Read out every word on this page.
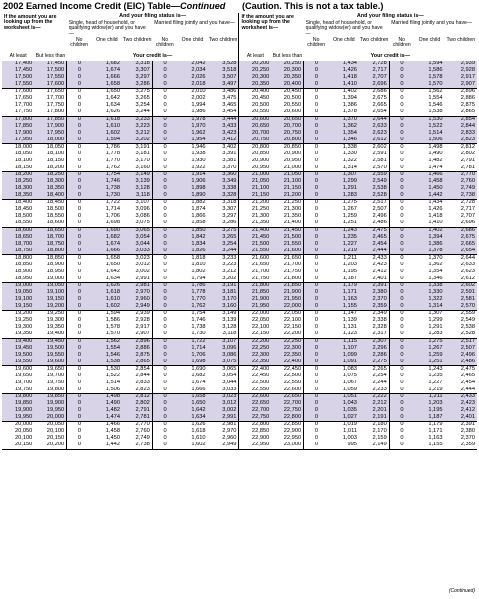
2002 Earned Income Credit (EIC) Table—Continued (Caution. This is not a tax table.)
If the amount you are looking up from the worksheet is—		And your filing status is—						If the amount you are looking up from the worksheet is—		And your filing status is—					
		Single, head of household, or qualifying widow(er) and you have—			Married filing jointly and you have—					Single, head of household, or qualifying widow(er) and you have—			Married filing jointly and you have—		
		No children	One child	Two children	No children	One child	Two children			No children	One child	Two children	No children	One child	Two children
At least	But less than	Your credit is—						At least	But less than	Your credit is—					
17,400	17,450	0	1,682	3,318	0	2,042	3,528	20,200	20,250	0	1,434	2,728	0	1,594	2,939
17,450	17,500	0	1,674	3,307	0	2,034	3,518	20,250	20,300	0	1,426	2,717	0	1,586	2,928
17,500	17,550	0	1,666	3,297	0	2,026	3,507	20,300	20,350	0	1,418	2,707	0	1,578	2,917
17,550	17,600	0	1,658	3,286	0	2,018	3,497	20,350	20,400	0	1,410	2,696	0	1,570	2,907
17,600	17,650	0	1,650	3,275	0	2,010	3,486	20,400	20,450	0	1,402	2,686	0	1,562	2,896
17,650	17,700	0	1,642	3,265	0	2,002	3,475	20,450	20,500	0	1,394	2,675	0	1,554	2,886
17,700	17,750	0	1,634	3,254	0	1,994	3,465	20,500	20,550	0	1,386	2,665	0	1,546	2,875
17,750	17,800	0	1,626	3,244	0	1,986	3,454	20,550	20,600	0	1,378	2,654	0	1,538	2,865
17,800	17,850	0	1,618	3,233	0	1,978	3,444	20,600	20,650	0	1,370	2,644	0	1,530	2,854
17,850	17,900	0	1,610	3,223	0	1,970	3,433	20,650	20,700	0	1,362	2,633	0	1,522	2,844
17,900	17,950	0	1,602	3,212	0	1,962	3,423	20,700	20,750	0	1,354	2,623	0	1,514	2,833
17,950	18,000	0	1,594	3,202	0	1,954	3,412	20,750	20,800	0	1,346	2,612	0	1,506	2,823
18,000	18,050	0	1,786	3,191	0	1,946	3,402	20,800	20,850	0	1,338	2,602	0	1,498	2,812
18,050	18,100	0	1,778	3,181	0	1,938	3,391	20,850	20,900	0	1,330	2,591	0	1,490	2,802
18,100	18,150	0	1,770	3,170	0	1,930	3,381	20,900	20,950	0	1,322	2,581	0	1,482	2,791
18,150	18,200	0	1,762	3,160	0	1,922	3,370	20,950	21,000	0	1,314	2,570	0	1,474	2,781
18,200	18,250	0	1,754	3,149	0	1,914	3,360	21,000	21,050	0	1,307	2,559	0	1,466	2,770
18,250	18,300	0	1,746	3,139	0	1,906	3,349	21,050	21,100	0	1,299	2,549	0	1,458	2,760
18,300	18,350	0	1,738	3,128	0	1,898	3,338	21,100	21,150	0	1,291	2,538	0	1,450	2,749
18,350	18,400	0	1,730	3,118	0	1,890	3,328	21,150	21,200	0	1,283	2,528	0	1,442	2,738
18,400	18,450	0	1,722	3,107	0	1,882	3,318	21,200	21,250	0	1,275	2,517	0	1,434	2,728
18,450	18,500	0	1,714	3,096	0	1,874	3,307	21,250	21,300	0	1,267	2,507	0	1,426	2,717
18,500	18,550	0	1,706	3,086	0	1,866	3,297	21,300	21,350	0	1,259	2,496	0	1,418	2,707
18,550	18,600	0	1,698	3,075	0	1,858	3,286	21,350	21,400	0	1,251	2,486	0	1,410	2,696
18,600	18,650	0	1,690	3,065	0	1,850	3,275	21,400	21,450	0	1,243	2,475	0	1,402	2,686
18,650	18,700	0	1,682	3,054	0	1,842	3,265	21,450	21,500	0	1,235	2,465	0	1,394	2,675
18,700	18,750	0	1,674	3,044	0	1,834	3,254	21,500	21,550	0	1,227	2,454	0	1,386	2,665
18,750	18,800	0	1,666	3,033	0	1,826	3,244	21,550	21,600	0	1,219	2,444	0	1,378	2,654
18,800	18,850	0	1,658	3,023	0	1,818	3,233	21,600	21,650	0	1,211	2,433	0	1,370	2,644
18,850	18,900	0	1,650	3,012	0	1,810	3,223	21,650	21,700	0	1,203	2,423	0	1,362	2,633
18,900	18,950	0	1,642	3,002	0	1,802	3,212	21,700	21,750	0	1,195	2,412	0	1,354	2,623
18,950	19,000	0	1,634	2,991	0	1,794	3,202	21,750	21,800	0	1,187	2,401	0	1,346	2,612
19,000	19,050	0	1,626	2,981	0	1,786	3,191	21,800	21,850	0	1,179	2,391	0	1,338	2,602
19,050	19,100	0	1,618	2,970	0	1,778	3,181	21,850	21,900	0	1,171	2,380	0	1,330	2,591
19,100	19,150	0	1,610	2,960	0	1,770	3,170	21,900	21,950	0	1,163	2,370	0	1,322	2,581
19,150	19,200	0	1,602	2,949	0	1,762	3,160	21,950	22,000	0	1,155	2,359	0	1,314	2,570
19,200	19,250	0	1,594	2,939	0	1,754	3,149	22,000	22,050	0	1,147	2,349	0	1,307	2,559
19,250	19,300	0	1,586	2,928	0	1,746	3,139	22,050	22,100	0	1,139	2,338	0	1,299	2,549
19,300	19,350	0	1,578	2,917	0	1,738	3,128	22,100	22,150	0	1,131	2,328	0	1,291	2,538
19,350	19,400	0	1,570	2,907	0	1,730	3,118	22,150	22,200	0	1,123	2,317	0	1,283	2,528
19,400	19,450	0	1,562	2,896	0	1,722	3,107	22,200	22,250	0	1,115	2,307	0	1,275	2,517
19,450	19,500	0	1,554	2,886	0	1,714	3,096	22,250	22,300	0	1,107	2,296	0	1,267	2,507
19,500	19,550	0	1,546	2,875	0	1,706	3,086	22,300	22,350	0	1,099	2,286	0	1,259	2,496
19,550	19,600	0	1,538	2,865	0	1,698	3,075	22,350	22,400	0	1,091	2,275	0	1,251	2,486
19,600	19,650	0	1,530	2,854	0	1,690	3,065	22,400	22,450	0	1,083	2,265	0	1,243	2,475
19,650	19,700	0	1,522	2,844	0	1,682	3,054	22,450	22,500	0	1,075	2,254	0	1,235	2,465
19,700	19,750	0	1,514	2,833	0	1,674	3,044	22,500	22,550	0	1,067	2,244	0	1,227	2,454
19,750	19,800	0	1,506	2,823	0	1,666	3,033	22,550	22,600	0	1,059	2,233	0	1,219	2,444
19,800	19,850	0	1,498	2,812	0	1,658	3,023	22,600	22,650	0	1,051	2,222	0	1,211	2,433
19,850	19,900	0	1,490	2,802	0	1,650	3,012	22,650	22,700	0	1,043	2,212	0	1,203	2,423
19,900	19,950	0	1,482	2,791	0	1,642	3,002	22,700	22,750	0	1,035	2,201	0	1,195	2,412
19,950	20,000	0	1,474	2,781	0	1,634	2,991	22,750	22,800	0	1,027	2,191	0	1,187	2,401
20,000	20,050	0	1,466	2,770	0	1,626	2,981	22,800	22,850	0	1,019	2,180	0	1,179	2,391
20,050	20,100	0	1,458	2,760	0	1,618	2,970	22,850	22,900	0	1,011	2,170	0	1,171	2,380
20,100	20,150	0	1,450	2,749	0	1,610	2,960	22,900	22,950	0	1,003	2,159	0	1,163	2,370
20,150	20,200	0	1,442	2,738	0	1,602	2,949	22,950	23,000	0	995	2,149	0	1,155	2,359
(Continued)
